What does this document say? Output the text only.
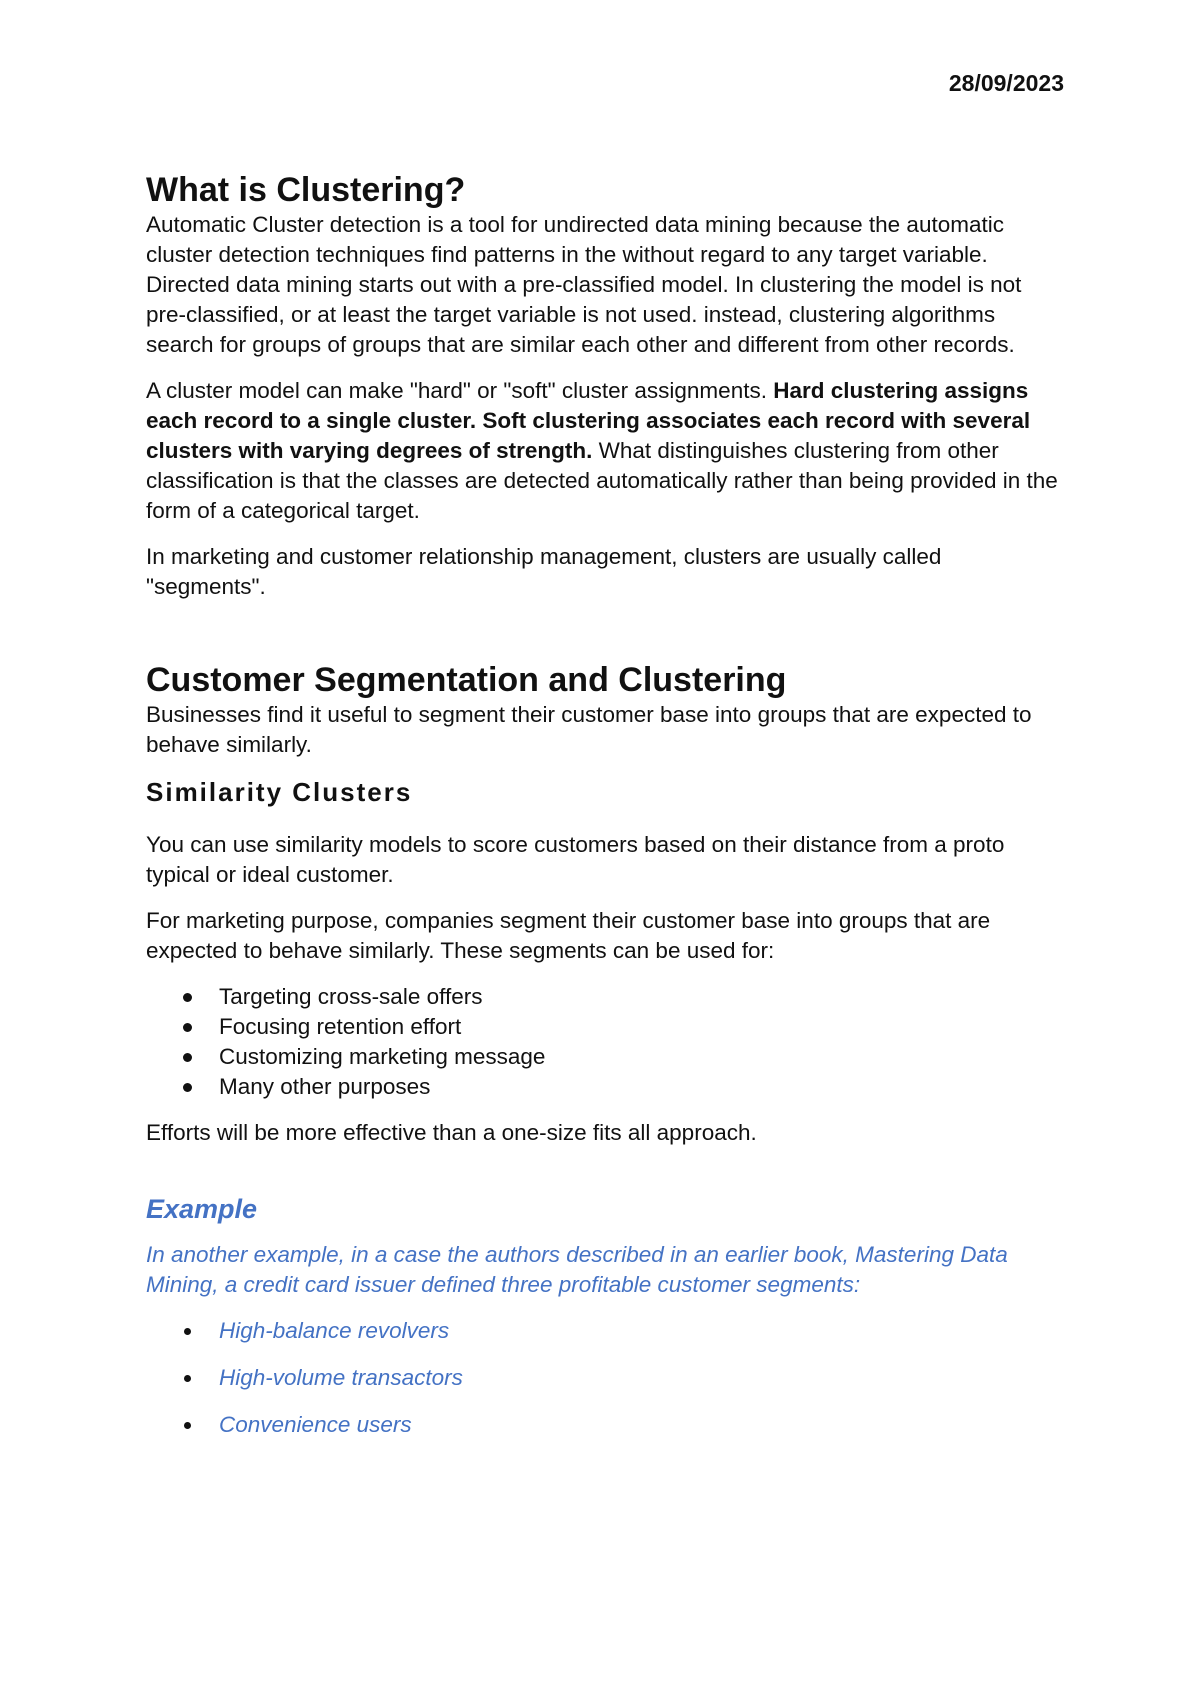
28/09/2023
What is Clustering?

Automatic Cluster detection is a tool for undirected data mining because the automatic cluster detection techniques find patterns in the without regard to any target variable. Directed data mining starts out with a pre-classified model. In clustering the model is not pre-classified, or at least the target variable is not used. instead, clustering algorithms search for groups of groups that are similar each other and different from other records.

A cluster model can make "hard" or "soft" cluster assignments. Hard clustering assigns each record to a single cluster. Soft clustering associates each record with several clusters with varying degrees of strength. What distinguishes clustering from other classification is that the classes are detected automatically rather than being provided in the form of a categorical target.

In marketing and customer relationship management, clusters are usually called "segments".

Customer Segmentation and Clustering

Businesses find it useful to segment their customer base into groups that are expected to behave similarly.

Similarity Clusters

You can use similarity models to score customers based on their distance from a proto typical or ideal customer.

For marketing purpose, companies segment their customer base into groups that are expected to behave similarly. These segments can be used for:

Targeting cross-sale offers
Focusing retention effort
Customizing marketing message
Many other purposes

Efforts will be more effective than a one-size fits all approach.

Example

In another example, in a case the authors described in an earlier book, Mastering Data Mining, a credit card issuer defined three profitable customer segments:

High-balance revolvers
High-volume transactors
Convenience users
